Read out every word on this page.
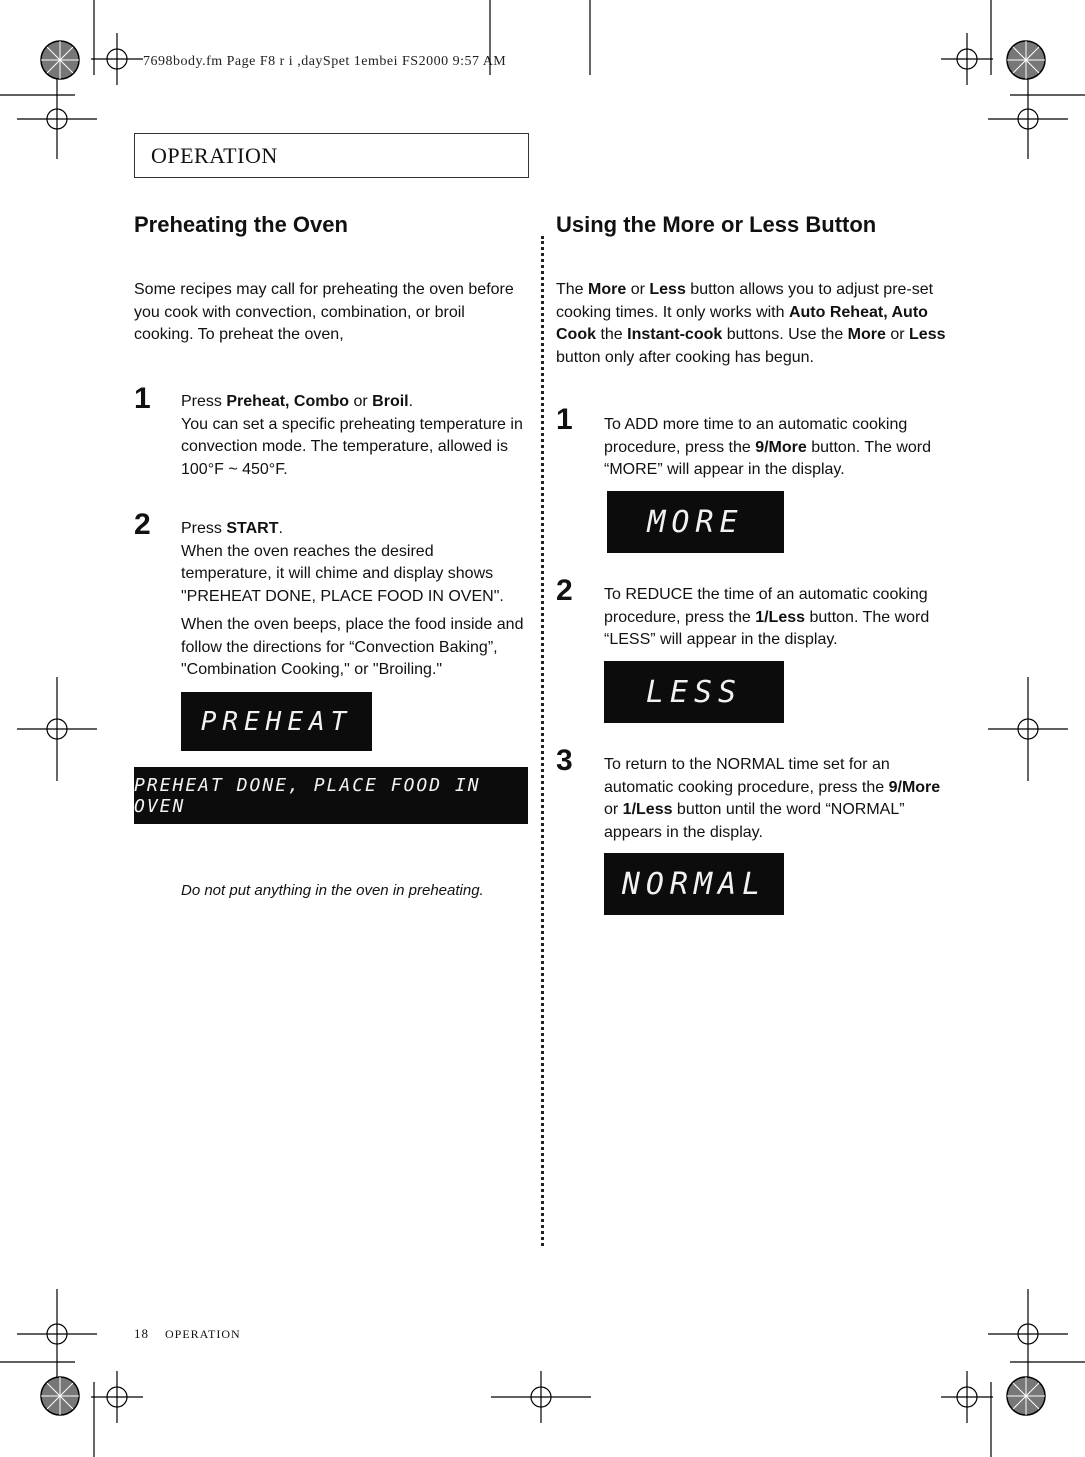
7698body.fm Page F8 r i ,daySpet 1embei FS2000 9:57 AM
OPERATION
Preheating the Oven

Some recipes may call for preheating the oven before you cook with convection, combination, or broil cooking. To preheat the oven,

1 Press Preheat, Combo or Broil.

You can set a specific preheating temperature in convection mode. The temperature, allowed is 100°F ~ 450°F.

2 Press START.

When the oven reaches the desired temperature, it will chime and display shows "PREHEAT DONE, PLACE FOOD IN OVEN".

When the oven beeps, place the food inside and follow the directions for “Convection Baking”, "Combination Cooking," or "Broiling."

PREHEAT
PREHEAT DONE, PLACE FOOD IN OVEN

Do not put anything in the oven in preheating.

Using the More or Less Button

The More or Less button allows you to adjust pre-set cooking times. It only works with Auto Reheat, Auto Cook the Instant-cook buttons. Use the More or Less button only after cooking has begun.

1 To ADD more time to an automatic cooking procedure, press the 9/More button. The word “MORE” will appear in the display.

MORE
2 To REDUCE the time of an automatic cooking procedure, press the 1/Less button. The word “LESS” will appear in the display.

LESS
3 To return to the NORMAL time set for an automatic cooking procedure, press the 9/More or 1/Less button until the word “NORMAL” appears in the display.

NORMAL
18 OPERATION
